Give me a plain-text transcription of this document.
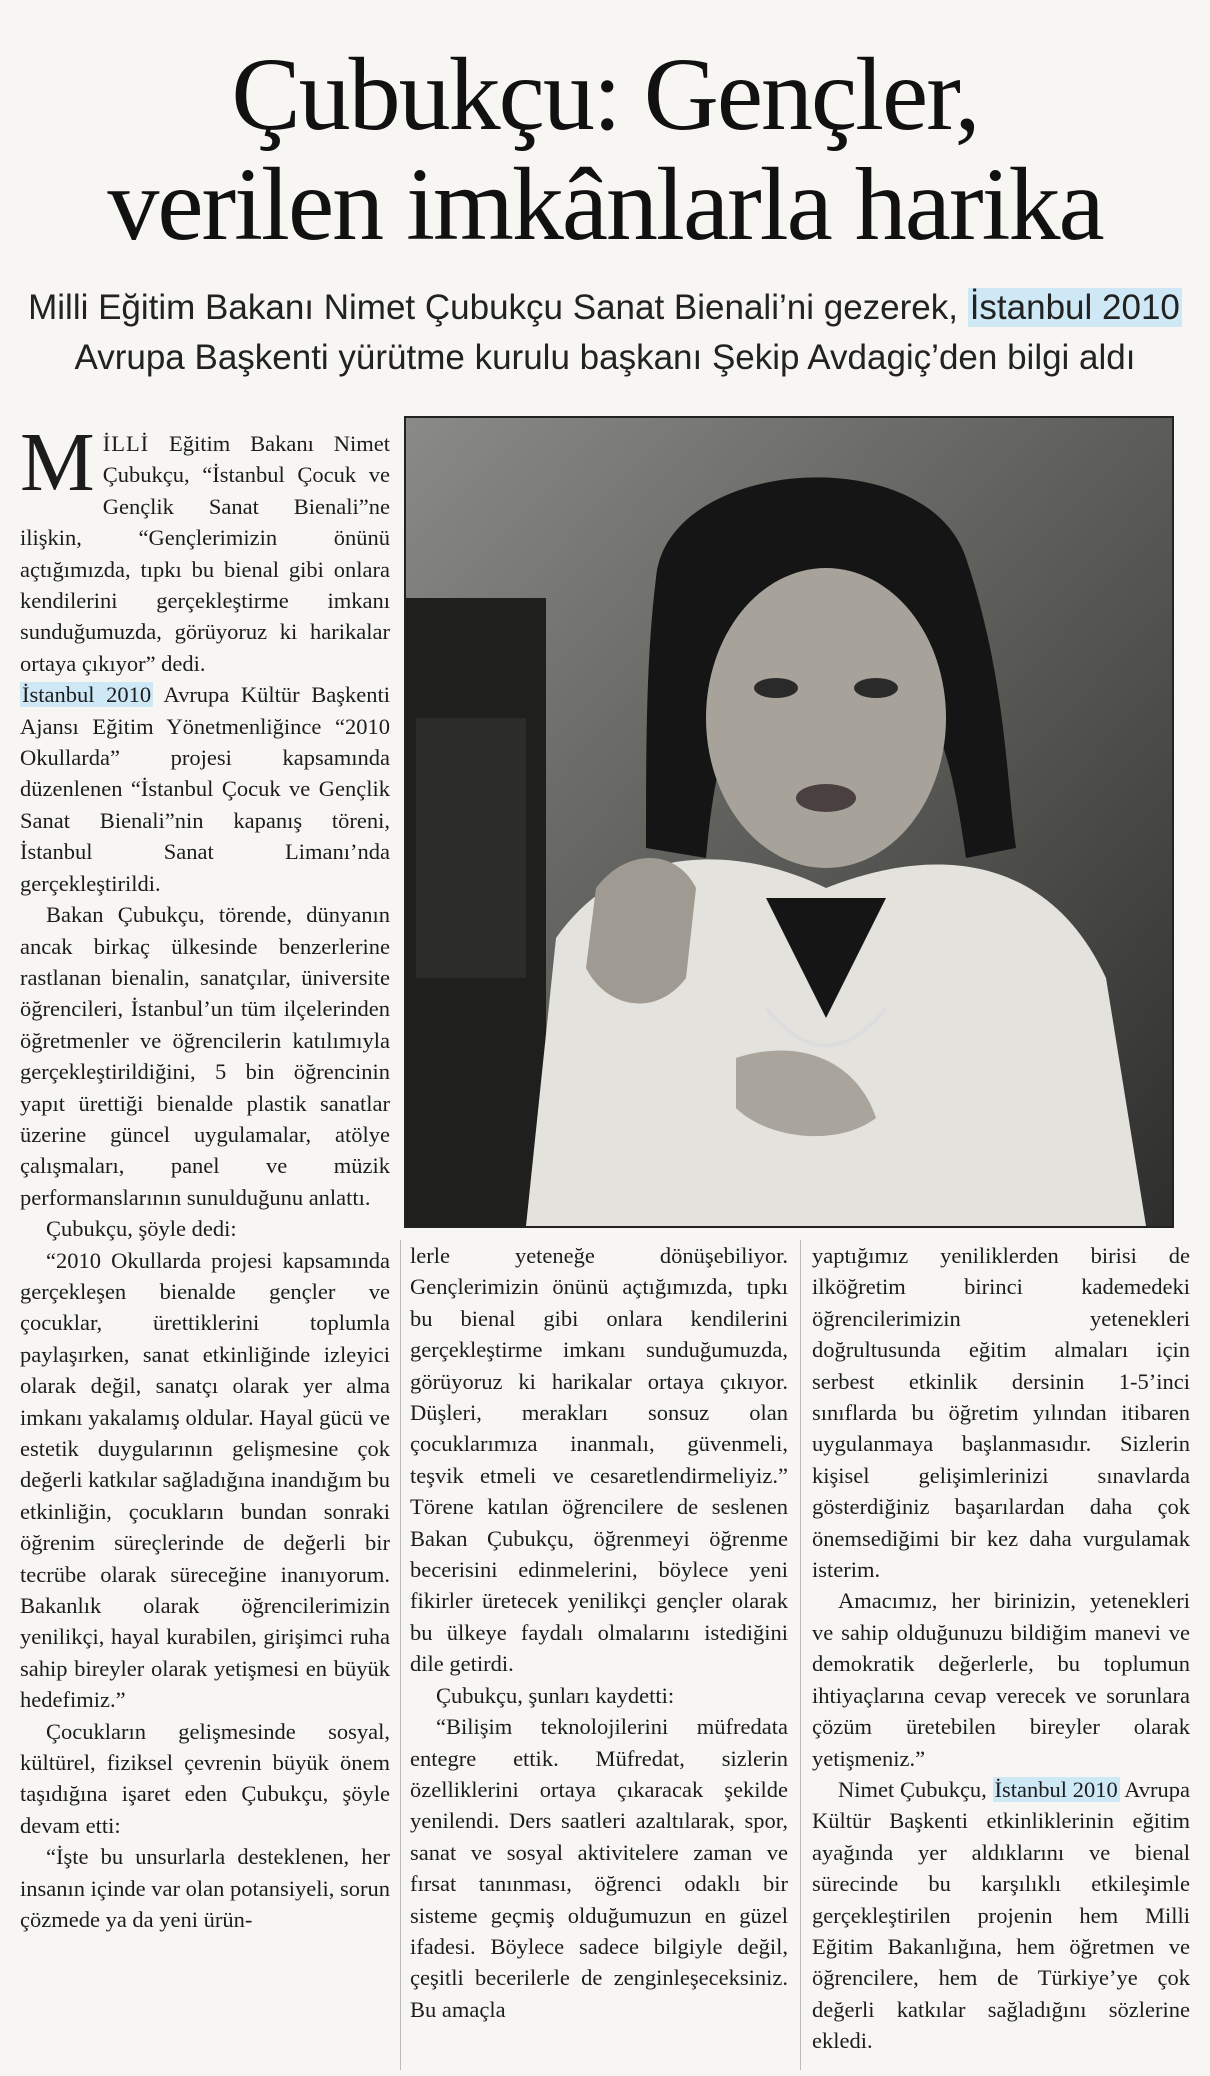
Çubukçu: Gençler,
verilen imkânlarla harika

Milli Eğitim Bakanı Nimet Çubukçu Sanat Bienali’ni gezerek, İstanbul 2010
Avrupa Başkenti yürütme kurulu başkanı Şekip Avdagiç’den bilgi aldı

M İLLİ Eğitim Bakanı Nimet Çubukçu, “İstanbul Çocuk ve Gençlik Sanat Bienali”ne ilişkin, “Gençlerimizin önünü açtığımızda, tıpkı bu bienal gibi onlara kendilerini gerçekleştirme imkanı sunduğumuzda, görüyoruz ki harikalar ortaya çıkıyor” dedi.

İstanbul 2010 Avrupa Kültür Başkenti Ajansı Eğitim Yönetmenliğince “2010 Okullarda” projesi kapsamında düzenlenen “İstanbul Çocuk ve Gençlik Sanat Bienali”nin kapanış töreni, İstanbul Sanat Limanı’nda gerçekleştirildi.

Bakan Çubukçu, törende, dünyanın ancak birkaç ülkesinde benzerlerine rastlanan bienalin, sanatçılar, üniversite öğrencileri, İstanbul’un tüm ilçelerinden öğretmenler ve öğrencilerin katılımıyla gerçekleştirildiğini, 5 bin öğrencinin yapıt ürettiği bienalde plastik sanatlar üzerine güncel uygulamalar, atölye çalışmaları, panel ve müzik performanslarının sunulduğunu anlattı.

Çubukçu, şöyle dedi:

“2010 Okullarda projesi kapsamında gerçekleşen bienalde gençler ve çocuklar, ürettiklerini toplumla paylaşırken, sanat etkinliğinde izleyici olarak değil, sanatçı olarak yer alma imkanı yakalamış oldular. Hayal gücü ve estetik duygularının gelişmesine çok değerli katkılar sağladığına inandığım bu etkinliğin, çocukların bundan sonraki öğrenim süreçlerinde de değerli bir tecrübe olarak süreceğine inanıyorum. Bakanlık olarak öğrencilerimizin yenilikçi, hayal kurabilen, girişimci ruha sahip bireyler olarak yetişmesi en büyük hedefimiz.”

Çocukların gelişmesinde sosyal, kültürel, fiziksel çevrenin büyük önem taşıdığına işaret eden Çubukçu, şöyle devam etti:

“İşte bu unsurlarla desteklenen, her insanın içinde var olan potansiyeli, sorun çözmede ya da yeni ürün-

lerle yeteneğe dönüşebiliyor. Gençlerimizin önünü açtığımızda, tıpkı bu bienal gibi onlara kendilerini gerçekleştirme imkanı sunduğumuzda, görüyoruz ki harikalar ortaya çıkıyor. Düşleri, merakları sonsuz olan çocuklarımıza inanmalı, güvenmeli, teşvik etmeli ve cesaretlendirmeliyiz.” Törene katılan öğrencilere de seslenen Bakan Çubukçu, öğrenmeyi öğrenme becerisini edinmelerini, böylece yeni fikirler üretecek yenilikçi gençler olarak bu ülkeye faydalı olmalarını istediğini dile getirdi.

Çubukçu, şunları kaydetti:

“Bilişim teknolojilerini müfredata entegre ettik. Müfredat, sizlerin özelliklerini ortaya çıkaracak şekilde yenilendi. Ders saatleri azaltılarak, spor, sanat ve sosyal aktivitelere zaman ve fırsat tanınması, öğrenci odaklı bir sisteme geçmiş olduğumuzun en güzel ifadesi. Böylece sadece bilgiyle değil, çeşitli becerilerle de zenginleşeceksiniz. Bu amaçla

yaptığımız yeniliklerden birisi de ilköğretim birinci kademedeki öğrencilerimizin yetenekleri doğrultusunda eğitim almaları için serbest etkinlik dersinin 1-5’inci sınıflarda bu öğretim yılından itibaren uygulanmaya başlanmasıdır. Sizlerin kişisel gelişimlerinizi sınavlarda gösterdiğiniz başarılardan daha çok önemsediğimi bir kez daha vurgulamak isterim.

Amacımız, her birinizin, yetenekleri ve sahip olduğunuzu bildiğim manevi ve demokratik değerlerle, bu toplumun ihtiyaçlarına cevap verecek ve sorunlara çözüm üretebilen bireyler olarak yetişmeniz.”

Nimet Çubukçu, İstanbul 2010 Avrupa Kültür Başkenti etkinliklerinin eğitim ayağında yer aldıklarını ve bienal sürecinde bu karşılıklı etkileşimle gerçekleştirilen projenin hem Milli Eğitim Bakanlığına, hem öğretmen ve öğrencilere, hem de Türkiye’ye çok değerli katkılar sağladığını sözlerine ekledi.
